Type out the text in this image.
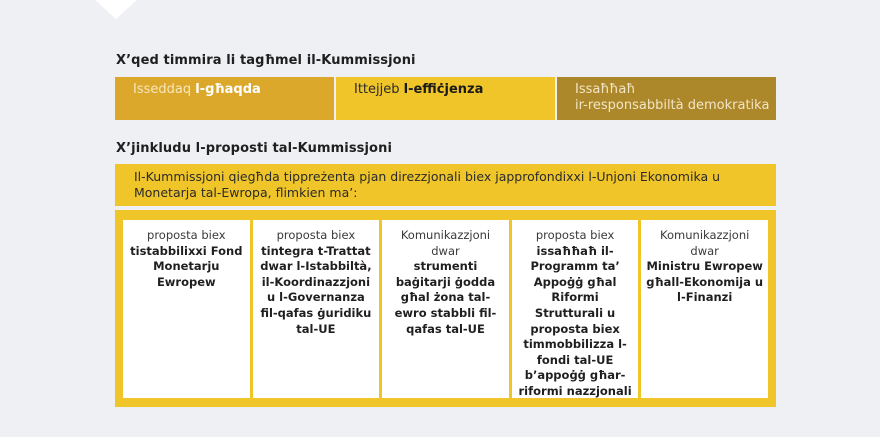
X’qed timmira li tagħmel il-Kummissjoni
Isseddaq l-għaqda	Ittejjeb l-effiċjenza	Issaħħaħ
ir-responsabbiltà demokratika
X’jinkludu l-proposti tal-Kummissjoni
Il-Kummissjoni qiegħda tippreżenta pjan direzzjonali biex japprofondixxi l-Unjoni Ekonomika u
Monetarja tal-Ewropa, flimkien ma’:
proposta biex
tistabbilixxi Fond Monetarju Ewropew
proposta biex
tintegra t-Trattat dwar l-Istabbiltà, il-Koordinazzjoni u l-Governanza fil-qafas ġuridiku tal-UE
Komunikazzjoni dwar
strumenti baġitarji ġodda għal żona tal-ewro stabbli fil-qafas tal-UE
proposta biex
issaħħaħ il-Programm ta’ Appoġġ għal Riformi Strutturali u proposta biex timmobbilizza l-fondi tal-UE b’appoġġ għar-riformi nazzjonali
Komunikazzjoni dwar
Ministru Ewropew għall-Ekonomija u l-Finanzi
